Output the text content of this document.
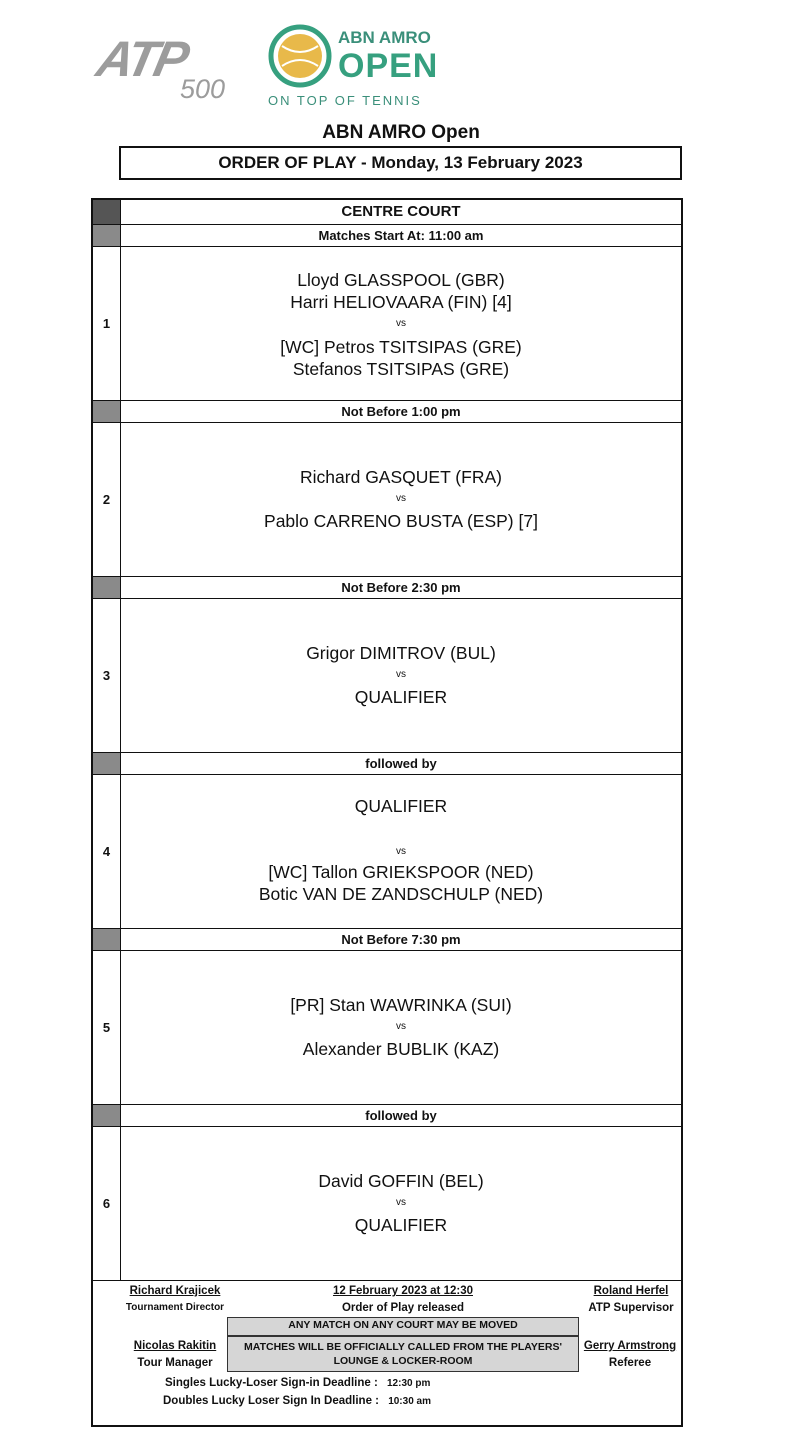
ATP
500
ABN AMRO
OPEN
ON TOP OF TENNIS
ABN AMRO Open
ORDER OF PLAY - Monday, 13 February 2023
CENTRE COURT
Matches Start At: 11:00 am
1
Lloyd GLASSPOOL (GBR)
Harri HELIOVAARA (FIN) [4]
vs
[WC] Petros TSITSIPAS (GRE)
Stefanos TSITSIPAS (GRE)
Not Before 1:00 pm
2
Richard GASQUET (FRA)
vs
Pablo CARRENO BUSTA (ESP) [7]
Not Before 2:30 pm
3
Grigor DIMITROV (BUL)
vs
QUALIFIER
followed by
4
QUALIFIER
vs
[WC] Tallon GRIEKSPOOR (NED)
Botic VAN DE ZANDSCHULP (NED)
Not Before 7:30 pm
5
[PR] Stan WAWRINKA (SUI)
vs
Alexander BUBLIK (KAZ)
followed by
6
David GOFFIN (BEL)
vs
QUALIFIER
Richard Krajicek
Tournament Director
12 February 2023 at 12:30
Order of Play released
Roland Herfel
ATP Supervisor
ANY MATCH ON ANY COURT MAY BE MOVED
MATCHES WILL BE OFFICIALLY CALLED FROM THE PLAYERS'
LOUNGE & LOCKER-ROOM
Nicolas Rakitin
Tour Manager
Gerry Armstrong
Referee
Singles Lucky-Loser Sign-in Deadline : 12:30 pm
Doubles Lucky Loser Sign In Deadline : 10:30 am
